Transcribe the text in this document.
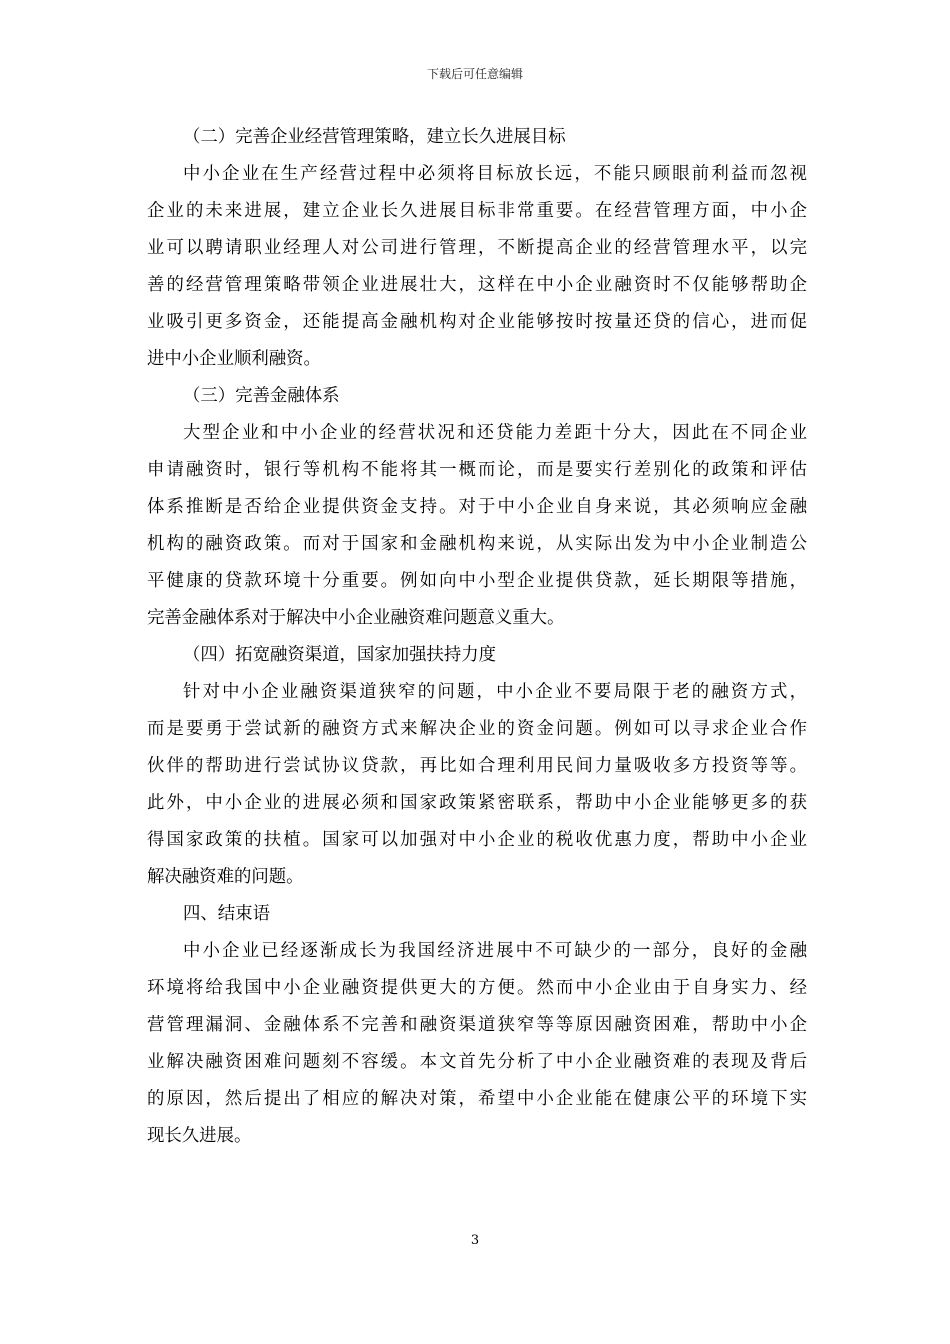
下载后可任意编辑
（二）完善企业经营管理策略，建立长久进展目标
中小企业在生产经营过程中必须将目标放长远，不能只顾眼前利益而忽视
企业的未来进展，建立企业长久进展目标非常重要。在经营管理方面，中小企
业可以聘请职业经理人对公司进行管理，不断提高企业的经营管理水平，以完
善的经营管理策略带领企业进展壮大，这样在中小企业融资时不仅能够帮助企
业吸引更多资金，还能提高金融机构对企业能够按时按量还贷的信心，进而促
进中小企业顺利融资。
（三）完善金融体系
大型企业和中小企业的经营状况和还贷能力差距十分大，因此在不同企业
申请融资时，银行等机构不能将其一概而论，而是要实行差别化的政策和评估
体系推断是否给企业提供资金支持。对于中小企业自身来说，其必须响应金融
机构的融资政策。而对于国家和金融机构来说，从实际出发为中小企业制造公
平健康的贷款环境十分重要。例如向中小型企业提供贷款，延长期限等措施，
完善金融体系对于解决中小企业融资难问题意义重大。
（四）拓宽融资渠道，国家加强扶持力度
针对中小企业融资渠道狭窄的问题，中小企业不要局限于老的融资方式，
而是要勇于尝试新的融资方式来解决企业的资金问题。例如可以寻求企业合作
伙伴的帮助进行尝试协议贷款，再比如合理利用民间力量吸收多方投资等等。
此外，中小企业的进展必须和国家政策紧密联系，帮助中小企业能够更多的获
得国家政策的扶植。国家可以加强对中小企业的税收优惠力度，帮助中小企业
解决融资难的问题。
四、结束语
中小企业已经逐渐成长为我国经济进展中不可缺少的一部分，良好的金融
环境将给我国中小企业融资提供更大的方便。然而中小企业由于自身实力、经
营管理漏洞、金融体系不完善和融资渠道狭窄等等原因融资困难，帮助中小企
业解决融资困难问题刻不容缓。本文首先分析了中小企业融资难的表现及背后
的原因，然后提出了相应的解决对策，希望中小企业能在健康公平的环境下实
现长久进展。
3
